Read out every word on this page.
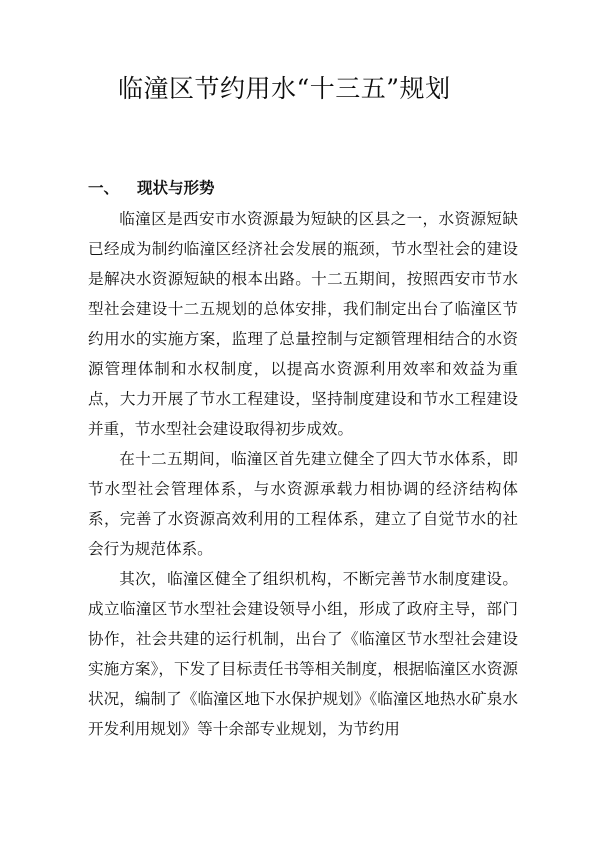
临潼区节约用水“十三五”规划
一、 现状与形势

临潼区是西安市水资源最为短缺的区县之一，水资源短缺已经成为制约临潼区经济社会发展的瓶颈，节水型社会的建设是解决水资源短缺的根本出路。十二五期间，按照西安市节水型社会建设十二五规划的总体安排，我们制定出台了临潼区节约用水的实施方案，监理了总量控制与定额管理相结合的水资源管理体制和水权制度，以提高水资源利用效率和效益为重点，大力开展了节水工程建设，坚持制度建设和节水工程建设并重，节水型社会建设取得初步成效。

在十二五期间，临潼区首先建立健全了四大节水体系，即节水型社会管理体系，与水资源承载力相协调的经济结构体系，完善了水资源高效利用的工程体系，建立了自觉节水的社会行为规范体系。

其次，临潼区健全了组织机构，不断完善节水制度建设。成立临潼区节水型社会建设领导小组，形成了政府主导，部门协作，社会共建的运行机制，出台了《临潼区节水型社会建设实施方案》，下发了目标责任书等相关制度，根据临潼区水资源状况，编制了《临潼区地下水保护规划》《临潼区地热水矿泉水开发利用规划》等十余部专业规划，为节约用
